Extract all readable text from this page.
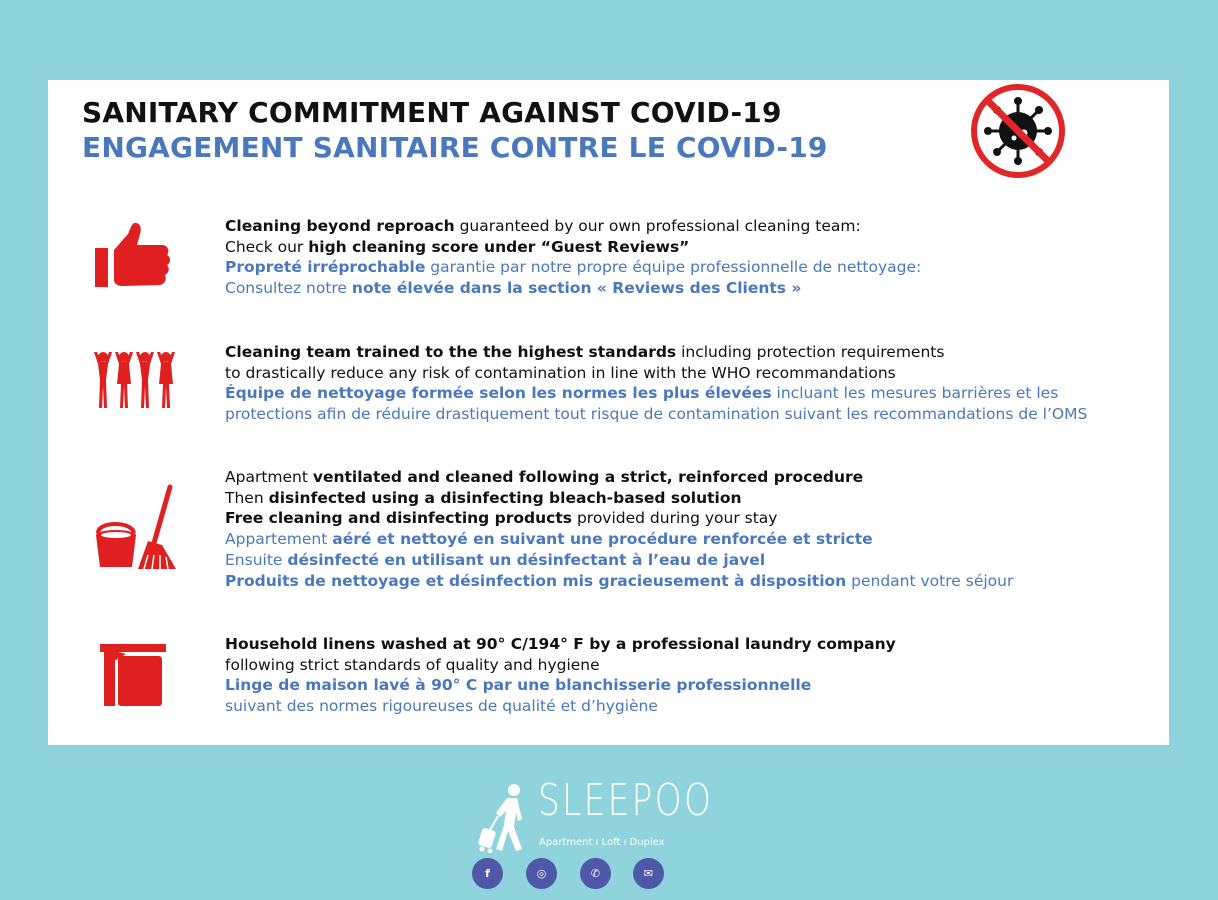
SANITARY COMMITMENT AGAINST COVID-19
ENGAGEMENT SANITAIRE CONTRE LE COVID-19
Cleaning beyond reproach guaranteed by our own professional cleaning team:
Check our high cleaning score under “Guest Reviews”
Propreté irréprochable garantie par notre propre équipe professionnelle de nettoyage:
Consultez notre note élevée dans la section « Reviews des Clients »
Cleaning team trained to the the highest standards including protection requirements
to drastically reduce any risk of contamination in line with the WHO recommandations
Équipe de nettoyage formée selon les normes les plus élevées incluant les mesures barrières et les
protections afin de réduire drastiquement tout risque de contamination suivant les recommandations de l’OMS
Apartment ventilated and cleaned following a strict, reinforced procedure
Then disinfected using a disinfecting bleach-based solution
Free cleaning and disinfecting products provided during your stay
Appartement aéré et nettoyé en suivant une procédure renforcée et stricte
Ensuite désinfecté en utilisant un désinfectant à l’eau de javel
Produits de nettoyage et désinfection mis gracieusement à disposition pendant votre séjour
Household linens washed at 90° C/194° F by a professional laundry company
following strict standards of quality and hygiene
Linge de maison lavé à 90° C par une blanchisserie professionnelle
suivant des normes rigoureuses de qualité et d’hygiène
SLEEPOO
Apartment ı Loft ı Duplex
f	◎	✆	✉
